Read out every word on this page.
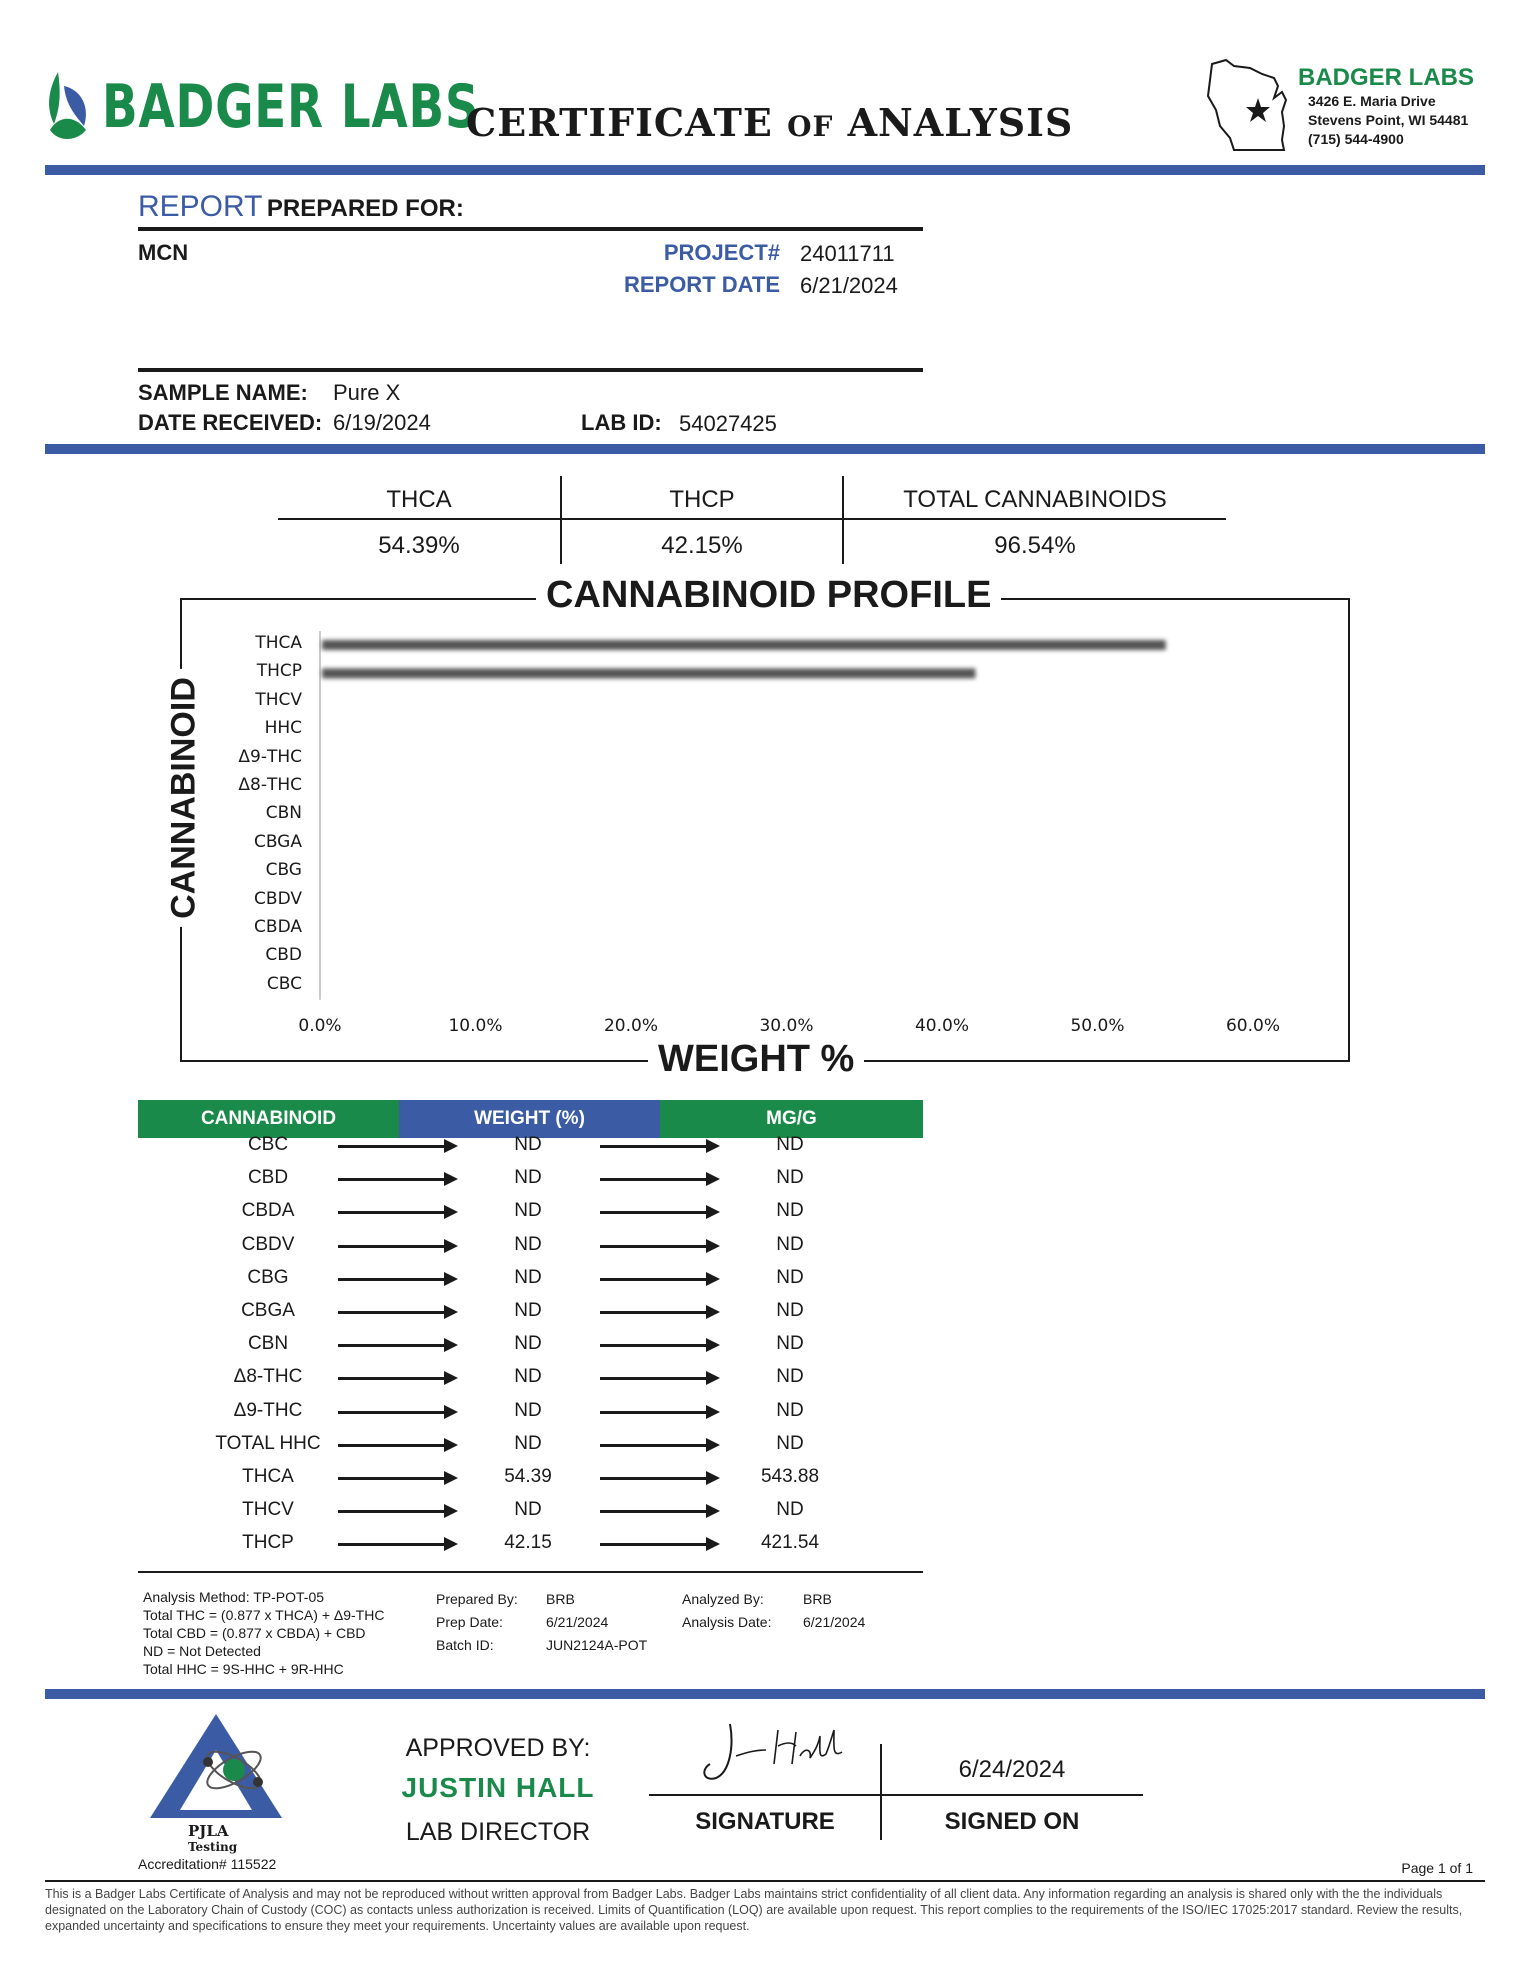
BADGER LABS
CERTIFICATE OF ANALYSIS
BADGER LABS
3426 E. Maria Drive
Stevens Point, WI 54481
(715) 544-4900
REPORT PREPARED FOR:
MCN	PROJECT# 24011711
REPORT DATE 6/21/2024
SAMPLE NAME: Pure X
DATE RECEIVED: 6/19/2024	LAB ID: 54027425
THCA
54.39%
THCP
42.15%
TOTAL CANNABINOIDS
96.54%
CANNABINOID PROFILE
WEIGHT %
CANNABINOID
THCA
THCP
THCV
HHC
Δ9-THC
Δ8-THC
CBN
CBGA
CBG
CBDV
CBDA
CBD
CBC
0.0%	10.0%	20.0%	30.0%	40.0%	50.0%	60.0%
CANNABINOID	WEIGHT (%)	MG/G
CBC	ND	ND
CBD	ND	ND
CBDA	ND	ND
CBDV	ND	ND
CBG	ND	ND
CBGA	ND	ND
CBN	ND	ND
Δ8-THC	ND	ND
Δ9-THC	ND	ND
TOTAL HHC	ND	ND
THCA	54.39	543.88
THCV	ND	ND
THCP	42.15	421.54
Analysis Method: TP-POT-05
Total THC = (0.877 x THCA) + Δ9-THC
Total CBD = (0.877 x CBDA) + CBD
ND = Not Detected
Total HHC = 9S-HHC + 9R-HHC
Prepared By: BRB
Prep Date:	6/21/2024
Batch ID:	JUN2124A-POT
Analyzed By:	BRB
Analysis Date: 6/21/2024
PJLA
Testing
Accreditation# 115522
APPROVED BY:
JUSTIN HALL
LAB DIRECTOR
6/24/2024
SIGNATURE	SIGNED ON
Page 1 of 1
This is a Badger Labs Certificate of Analysis and may not be reproduced without written approval from Badger Labs. Badger Labs maintains strict confidentiality of all client data. Any information regarding an analysis is shared only with the the individuals designated on the Laboratory Chain of Custody (COC) as contacts unless authorization is received. Limits of Quantification (LOQ) are available upon request. This report complies to the requirements of the ISO/IEC 17025:2017 standard. Review the results, expanded uncertainty and specifications to ensure they meet your requirements. Uncertainty values are available upon request.
